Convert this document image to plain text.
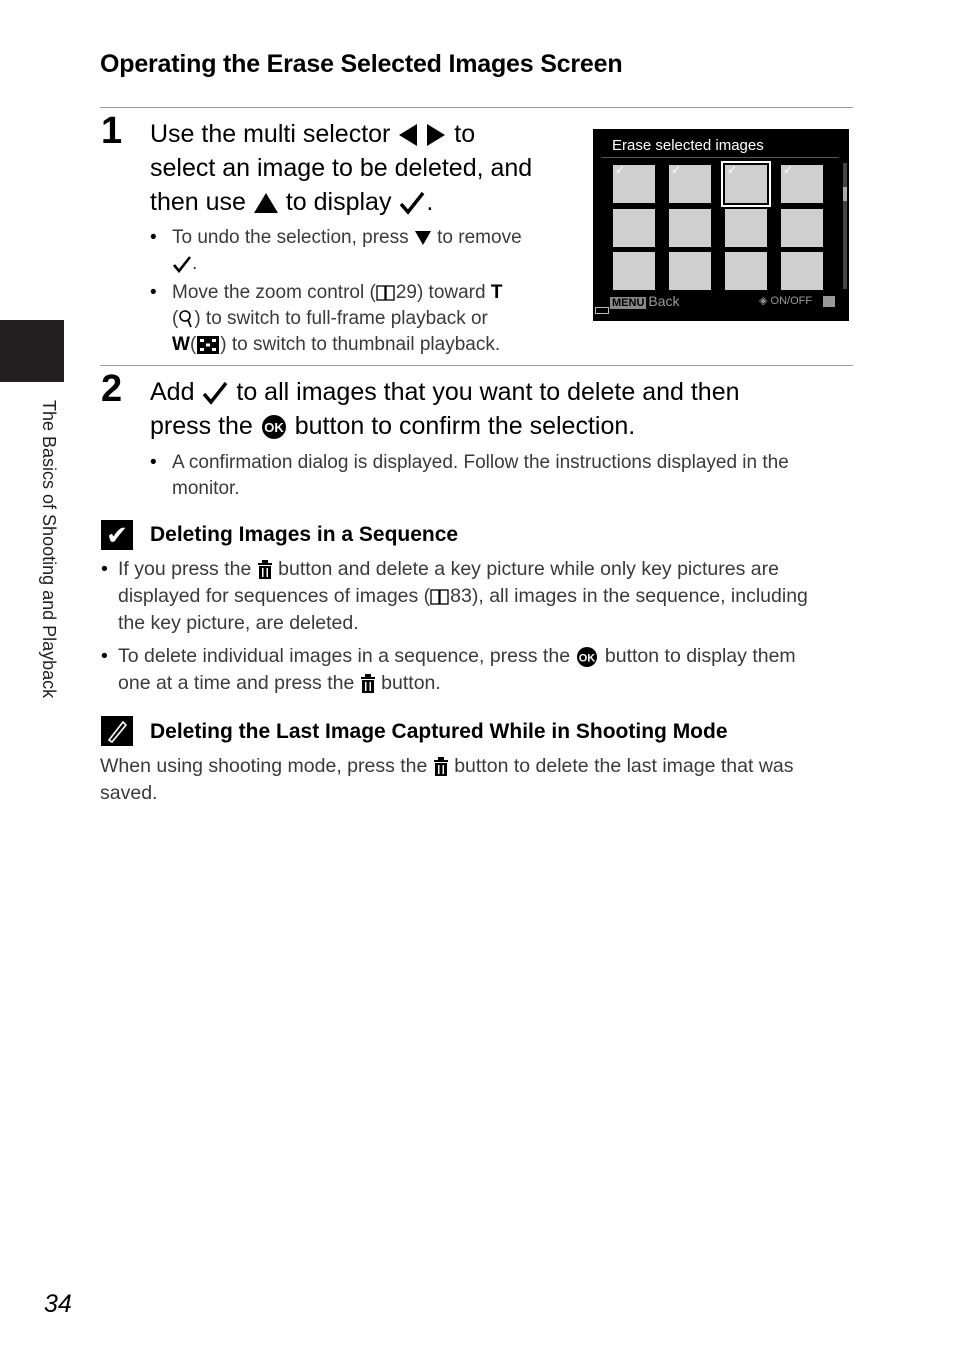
Operating the Erase Selected Images Screen
1 Use the multi selector	to
select an image to be deleted, and
then use to display .
• To undo the selection, press to remove
.
• Move the zoom control ( 29) toward T
( ) to switch to full-frame playback or
W( ) to switch to thumbnail playback.
Erase selected images
✓	✓	✓	✓
MENU Back	◈ ON/OFF
2 Add to all images that you want to delete and then
press the OK button to confirm the selection.
• A confirmation dialog is displayed. Follow the instructions displayed in the
monitor.
✔ Deleting Images in a Sequence
• If you press the button and delete a key picture while only key pictures are
displayed for sequences of images ( 83), all images in the sequence, including
the key picture, are deleted.
• To delete individual images in a sequence, press the OK button to display them
one at a time and press the button.
Deleting the Last Image Captured While in Shooting Mode
When using shooting mode, press the button to delete the last image that was
saved.
The Basics of Shooting and Playback
34
